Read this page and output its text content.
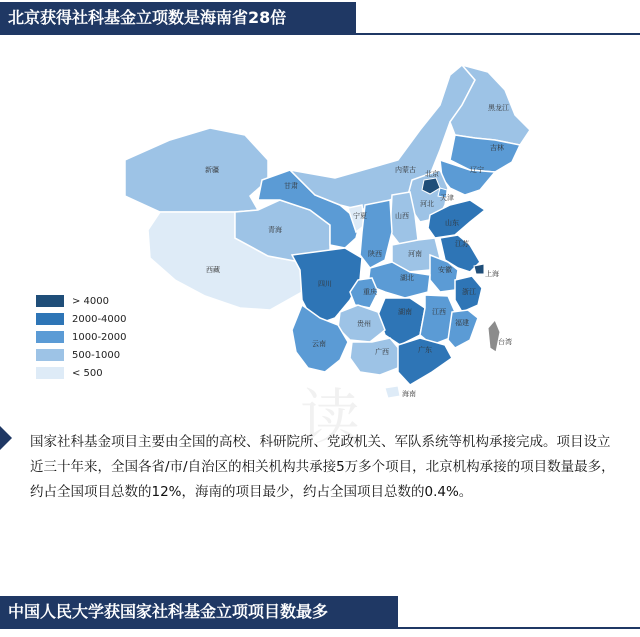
北京获得社科基金立项数是海南省28倍
新疆
西藏
青海
甘肃
内蒙古
黑龙江
吉林
辽宁
北京
天津
河北
山西
宁夏
陕西
山东
河南
江苏
安徽	上海
湖北
浙江
四川
重庆
湖南	江西
福建
贵州
云南
广西	广东
台湾
海南
> 4000
2000-4000
1000-2000
500-1000
< 500
读
国家社科基金项目主要由全国的高校、科研院所、党政机关、军队系统等机构承接完成。项目设立近三十年来，全国各省/市/自治区的相关机构共承接5万多个项目，北京机构承接的项目数量最多，约占全国项目总数的12%，海南的项目最少，约占全国项目总数的0.4%。
中国人民大学获国家社科基金立项项目数最多
